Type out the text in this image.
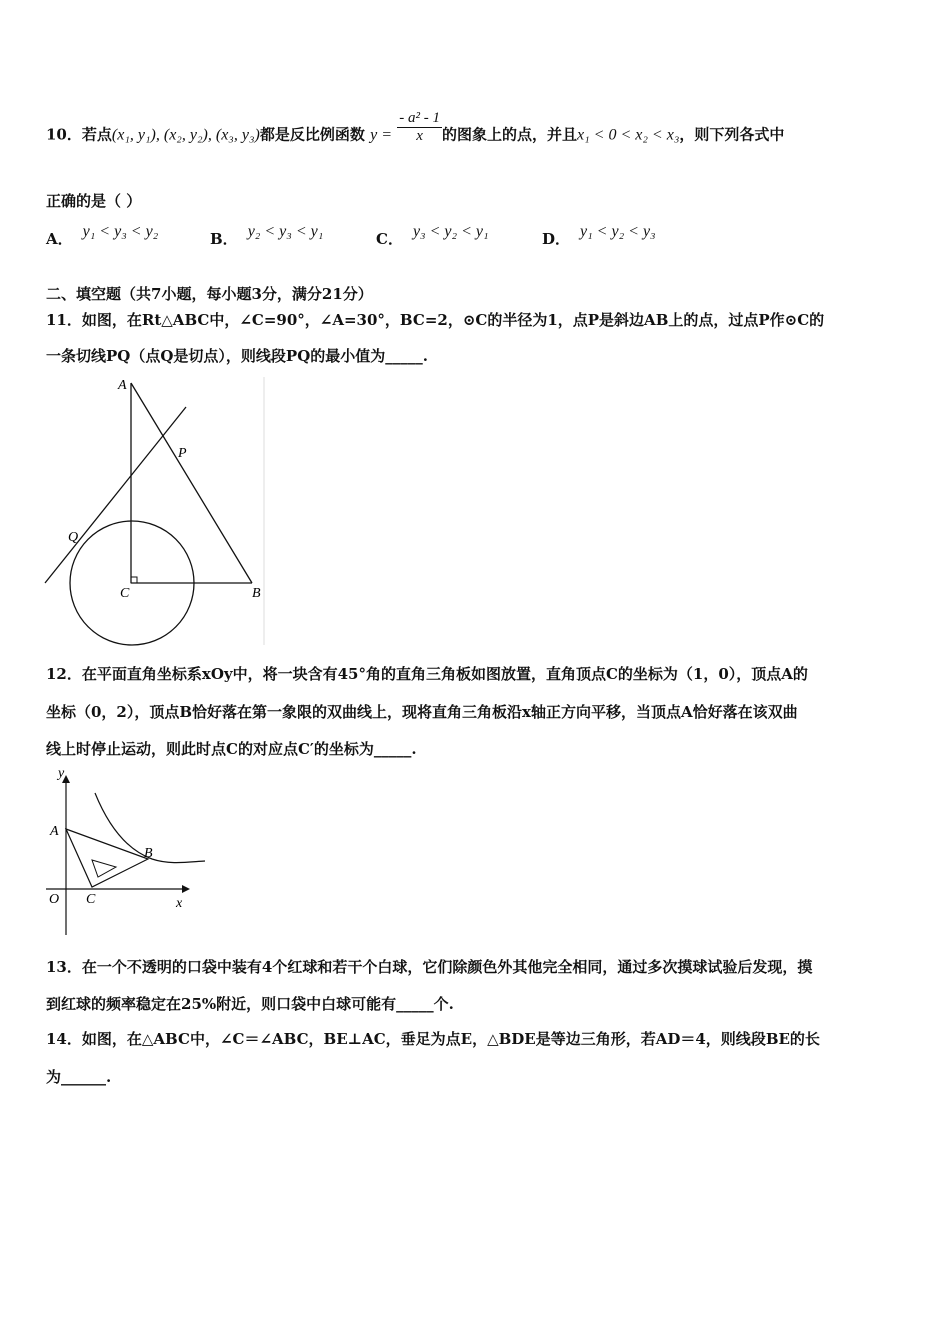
10．若点(x₁, y₁), (x₂, y₂), (x₃, y₃)都是反比例函数 $y = \frac{\text{- a² - 1}}{x}$ 的图象上的点，并且x₁ < 0 < x₂ < x₃，则下列各式中
正确的是（ ）
A． y₁ < y₃ < y₂	B． y₂ < y₃ < y₁	C． y₃ < y₂ < y₁	D． y₁ < y₂ < y₃
二、填空题（共7小题，每小题3分，满分21分）
11．如图，在Rt△ABC中，∠C=90°，∠A=30°，BC=2，⊙C的半径为1，点P是斜边AB上的点，过点P作⊙C的
一条切线PQ（点Q是切点），则线段PQ的最小值为_____.
A
P
Q
C	B
12．在平面直角坐标系xOy中，将一块含有45°角的直角三角板如图放置，直角顶点C的坐标为（1，0），顶点A的
坐标（0，2），顶点B恰好落在第一象限的双曲线上，现将直角三角板沿x轴正方向平移，当顶点A恰好落在该双曲
线上时停止运动，则此时点C的对应点C′的坐标为_____.
y
A
B
O C	x
13．在一个不透明的口袋中装有4个红球和若干个白球，它们除颜色外其他完全相同，通过多次摸球试验后发现，摸
到红球的频率稳定在25%附近，则口袋中白球可能有_____个.
14．如图，在△ABC中，∠C＝∠ABC，BE⊥AC，垂足为点E，△BDE是等边三角形，若AD＝4，则线段BE的长
为______.
